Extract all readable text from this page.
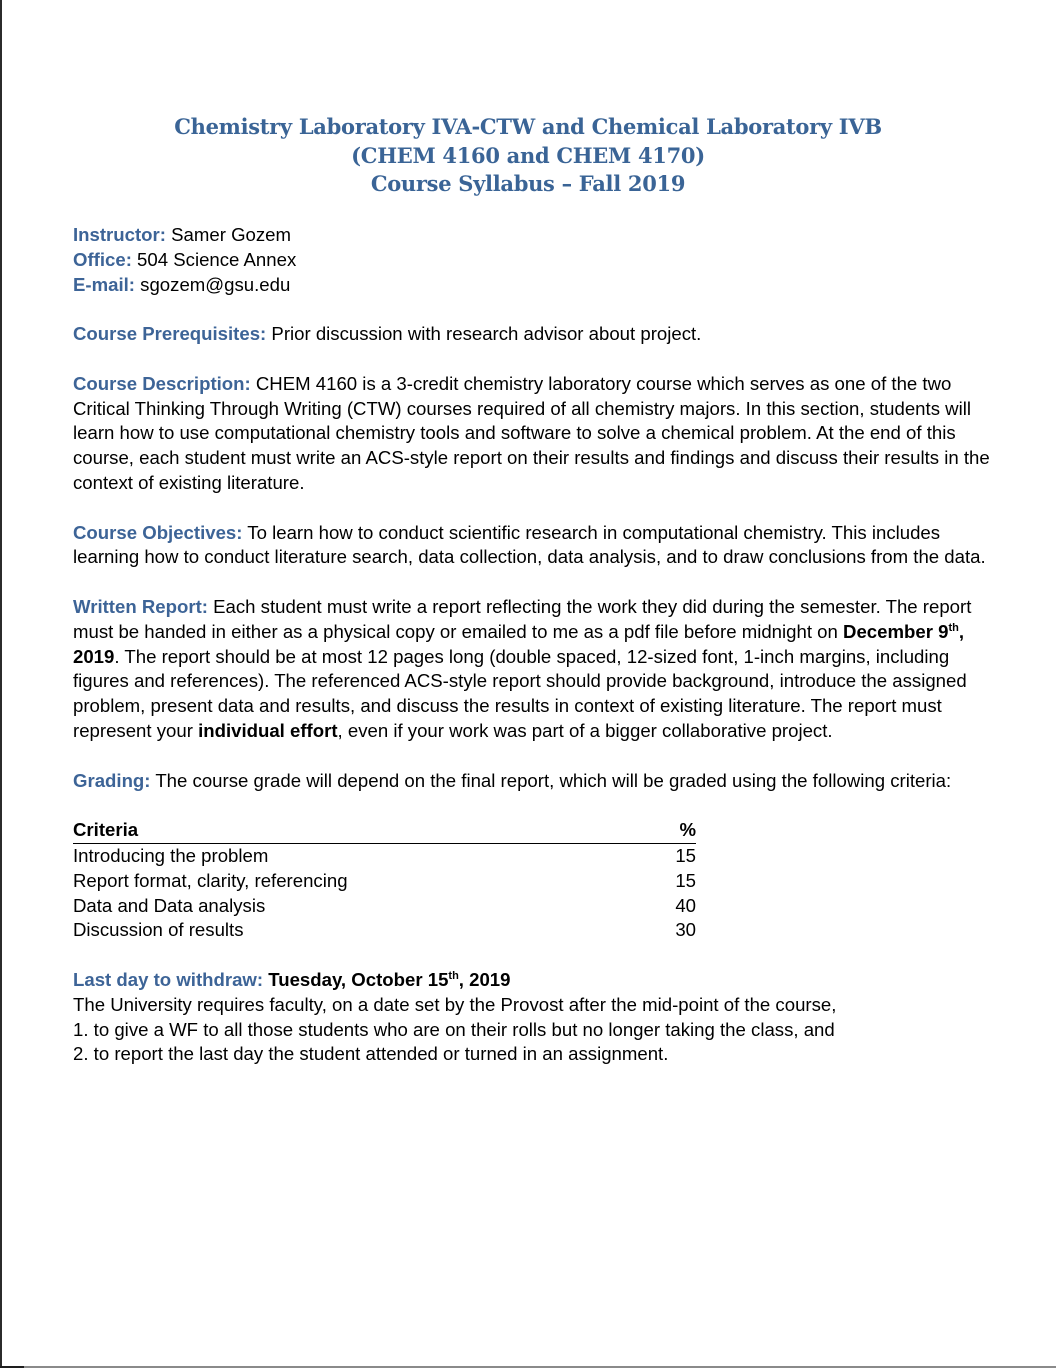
Chemistry Laboratory IVA-CTW and Chemical Laboratory IVB
(CHEM 4160 and CHEM 4170)
Course Syllabus – Fall 2019

Instructor: Samer Gozem

Office: 504 Science Annex

E-mail: sgozem@gsu.edu

Course Prerequisites: Prior discussion with research advisor about project.

Course Description: CHEM 4160 is a 3-credit chemistry laboratory course which serves as one of the two Critical Thinking Through Writing (CTW) courses required of all chemistry majors. In this section, students will learn how to use computational chemistry tools and software to solve a chemical problem. At the end of this course, each student must write an ACS-style report on their results and findings and discuss their results in the context of existing literature.

Course Objectives: To learn how to conduct scientific research in computational chemistry. This includes learning how to conduct literature search, data collection, data analysis, and to draw conclusions from the data.

Written Report: Each student must write a report reflecting the work they did during the semester. The report must be handed in either as a physical copy or emailed to me as a pdf file before midnight on December 9th, 2019. The report should be at most 12 pages long (double spaced, 12-sized font, 1-inch margins, including figures and references). The referenced ACS-style report should provide background, introduce the assigned problem, present data and results, and discuss the results in context of existing literature. The report must represent your individual effort, even if your work was part of a bigger collaborative project.

Grading: The course grade will depend on the final report, which will be graded using the following criteria:

Criteria	%
Introducing the problem	15
Report format, clarity, referencing	15
Data and Data analysis	40
Discussion of results	30

Last day to withdraw: Tuesday, October 15th, 2019

The University requires faculty, on a date set by the Provost after the mid-point of the course,

1. to give a WF to all those students who are on their rolls but no longer taking the class, and
2. to report the last day the student attended or turned in an assignment.
